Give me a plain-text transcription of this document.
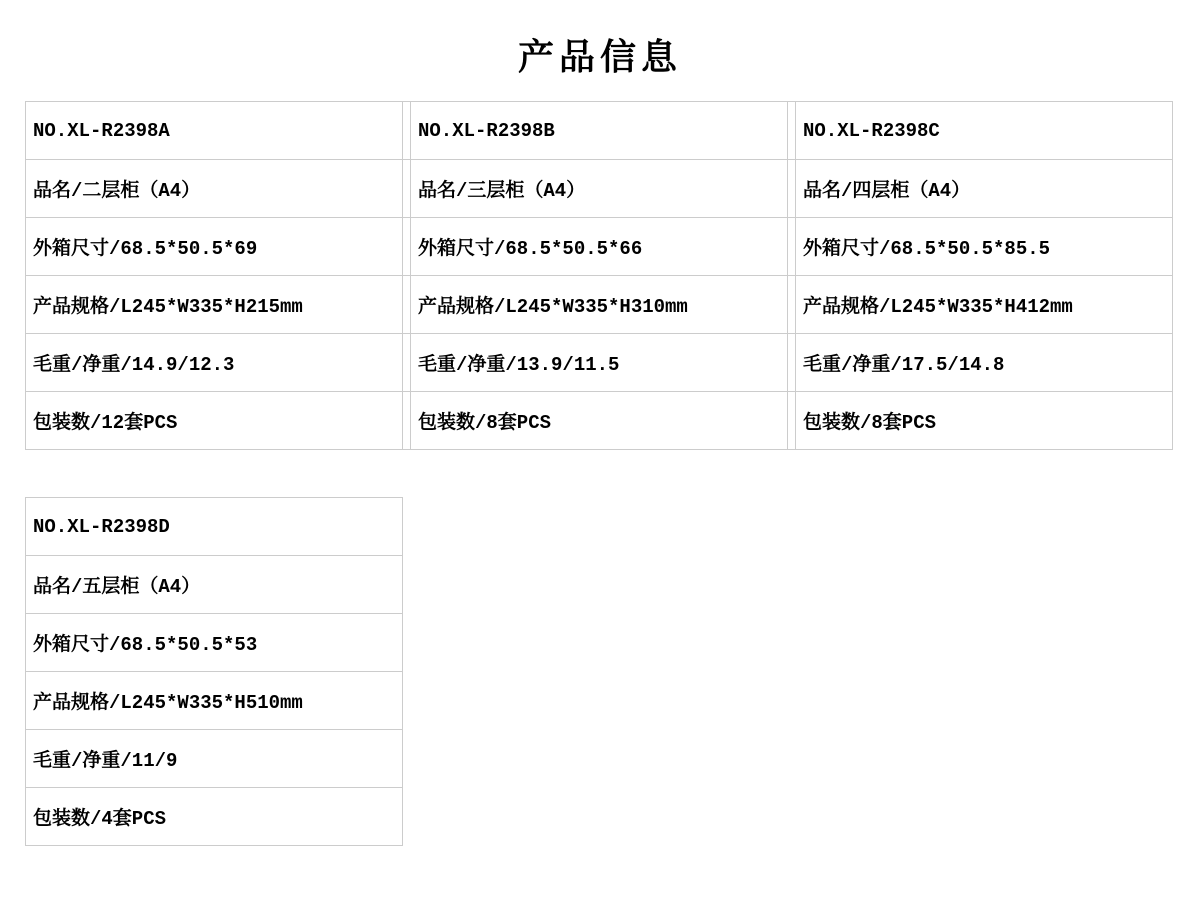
产品信息
NO.XL-R2398A		NO.XL-R2398B		NO.XL-R2398C
品名/二层柜（A4）		品名/三层柜（A4）		品名/四层柜（A4）
外箱尺寸/68.5*50.5*69		外箱尺寸/68.5*50.5*66		外箱尺寸/68.5*50.5*85.5
产品规格/L245*W335*H215mm		产品规格/L245*W335*H310mm		产品规格/L245*W335*H412mm
毛重/净重/14.9/12.3		毛重/净重/13.9/11.5		毛重/净重/17.5/14.8
包装数/12套PCS		包装数/8套PCS		包装数/8套PCS
NO.XL-R2398D
品名/五层柜（A4）
外箱尺寸/68.5*50.5*53
产品规格/L245*W335*H510mm
毛重/净重/11/9
包装数/4套PCS
